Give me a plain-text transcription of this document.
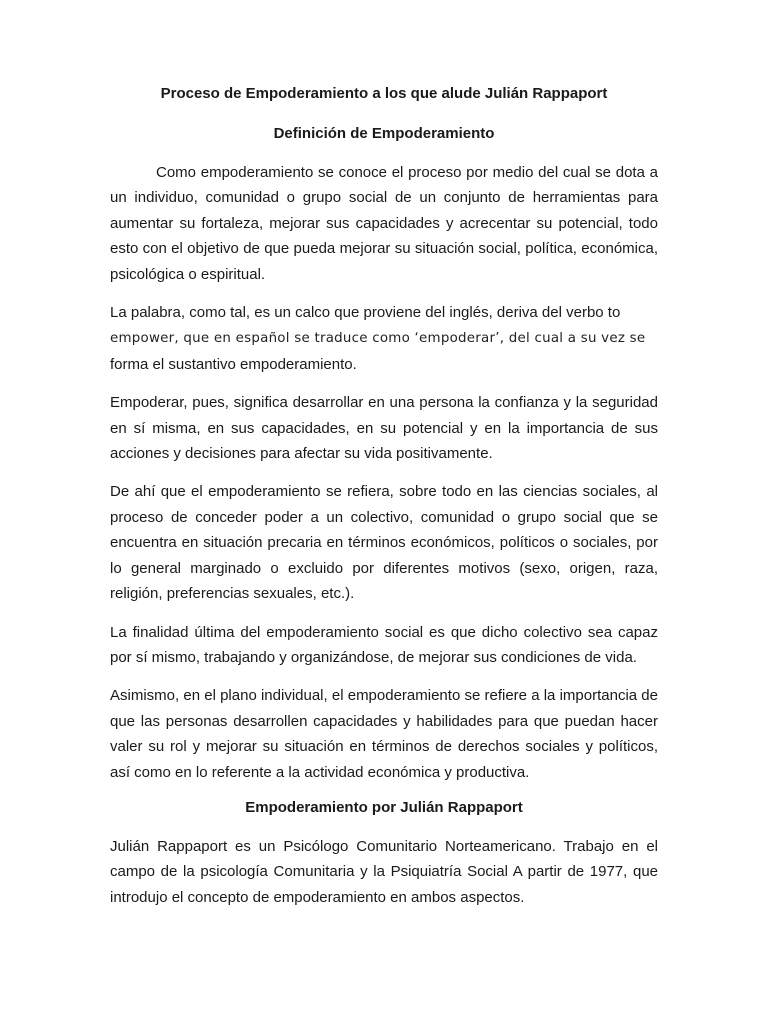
Proceso de Empoderamiento a los que alude Julián Rappaport
Definición de Empoderamiento

Como empoderamiento se conoce el proceso por medio del cual se dota a un individuo, comunidad o grupo social de un conjunto de herramientas para aumentar su fortaleza, mejorar sus capacidades y acrecentar su potencial, todo esto con el objetivo de que pueda mejorar su situación social, política, económica, psicológica o espiritual.

La palabra, como tal, es un calco que proviene del inglés, deriva del verbo to
empower, que en español se traduce como ‘empoderar’, del cual a su vez se
forma el sustantivo empoderamiento.

Empoderar, pues, significa desarrollar en una persona la confianza y la seguridad en sí misma, en sus capacidades, en su potencial y en la importancia de sus acciones y decisiones para afectar su vida positivamente.

De ahí que el empoderamiento se refiera, sobre todo en las ciencias sociales, al proceso de conceder poder a un colectivo, comunidad o grupo social que se encuentra en situación precaria en términos económicos, políticos o sociales, por lo general marginado o excluido por diferentes motivos (sexo, origen, raza, religión, preferencias sexuales, etc.).

La finalidad última del empoderamiento social es que dicho colectivo sea capaz por sí mismo, trabajando y organizándose, de mejorar sus condiciones de vida.

Asimismo, en el plano individual, el empoderamiento se refiere a la importancia de que las personas desarrollen capacidades y habilidades para que puedan hacer valer su rol y mejorar su situación en términos de derechos sociales y políticos, así como en lo referente a la actividad económica y productiva.

Empoderamiento por Julián Rappaport

Julián Rappaport es un Psicólogo Comunitario Norteamericano. Trabajo en el campo de la psicología Comunitaria y la Psiquiatría Social A partir de 1977, que introdujo el concepto de empoderamiento en ambos aspectos.
